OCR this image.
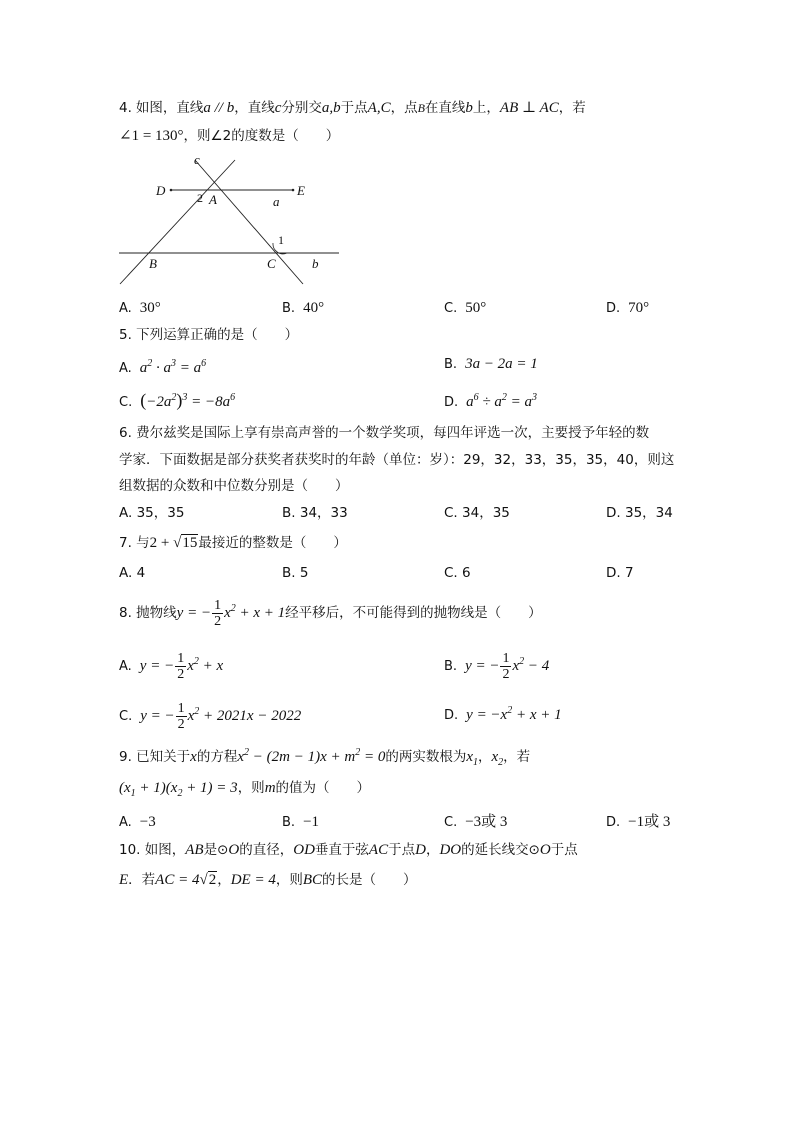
4. 如图，直线a // b，直线c分别交a,b于点A,C，点B在直线b上，AB ⊥ AC，若
∠1 = 130°，则∠2的度数是（　　）
c
D	E
2 A	a
1
B	C	b
A. 30°	B. 40°	C. 50°	D. 70°
5. 下列运算正确的是（　　）
A. $a^2 \cdot a^3 = a^6$	B. 3a − 2a = 1
C. $(-2a^2)^3 = -8a^6$	D. $a^6 \div a^2 = a^3$
6. 费尔兹奖是国际上享有崇高声誉的一个数学奖项，每四年评选一次，主要授予年轻的数
学家．下面数据是部分获奖者获奖时的年龄（单位：岁）：29，32，33，35，35，40，则这
组数据的众数和中位数分别是（　　）
A. 35，35	B. 34，33	C. 34，35	D. 35，34
7. 与2 + √15最接近的整数是（　　）
A. 4	B. 5	C. 6	D. 7
8. 抛物线y = − $\frac{1}{2} x^2 + x + 1$经平移后，不可能得到的抛物线是（　　）
A. y = − $\frac{1}{2} x^2 + x$	B. y = − $\frac{1}{2} x^2 - 4$
C. y = − $\frac{1}{2} x^2 + 2021x - 2022$	D. $y = -x^2 + x + 1$
9. 已知关于x的方程$x^2 - (2m - 1)x + m^2 = 0$的两实数根为$x_1$，$x_2$，若
$(x_1 + 1)(x_2 + 1) = 3$，则m的值为（　　）
A. −3	B. −1	C. −3或 3	D. −1或 3
10. 如图，AB是⊙O的直径，OD垂直于弦AC于点D，DO的延长线交⊙O于点
E．若AC = 4√2，DE = 4，则BC的长是（　　）
